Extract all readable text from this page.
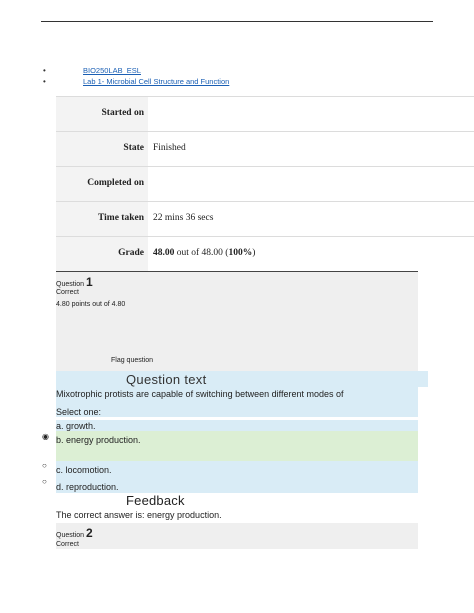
•	BIO250LAB_ESL
•	Lab 1- Microbial Cell Structure and Function
Started on
State Finished
Completed on
Time taken 22 mins 36 secs
Grade 48.00 out of 48.00 (100%)
Question 1
Correct
4.80 points out of 4.80
Flag question
Question text
Mixotrophic protists are capable of switching between different modes of
Select one:
a. growth.
◉ b. energy production.
○ c. locomotion.
○
d. reproduction.
Feedback
The correct answer is: energy production.
Question 2
Correct
